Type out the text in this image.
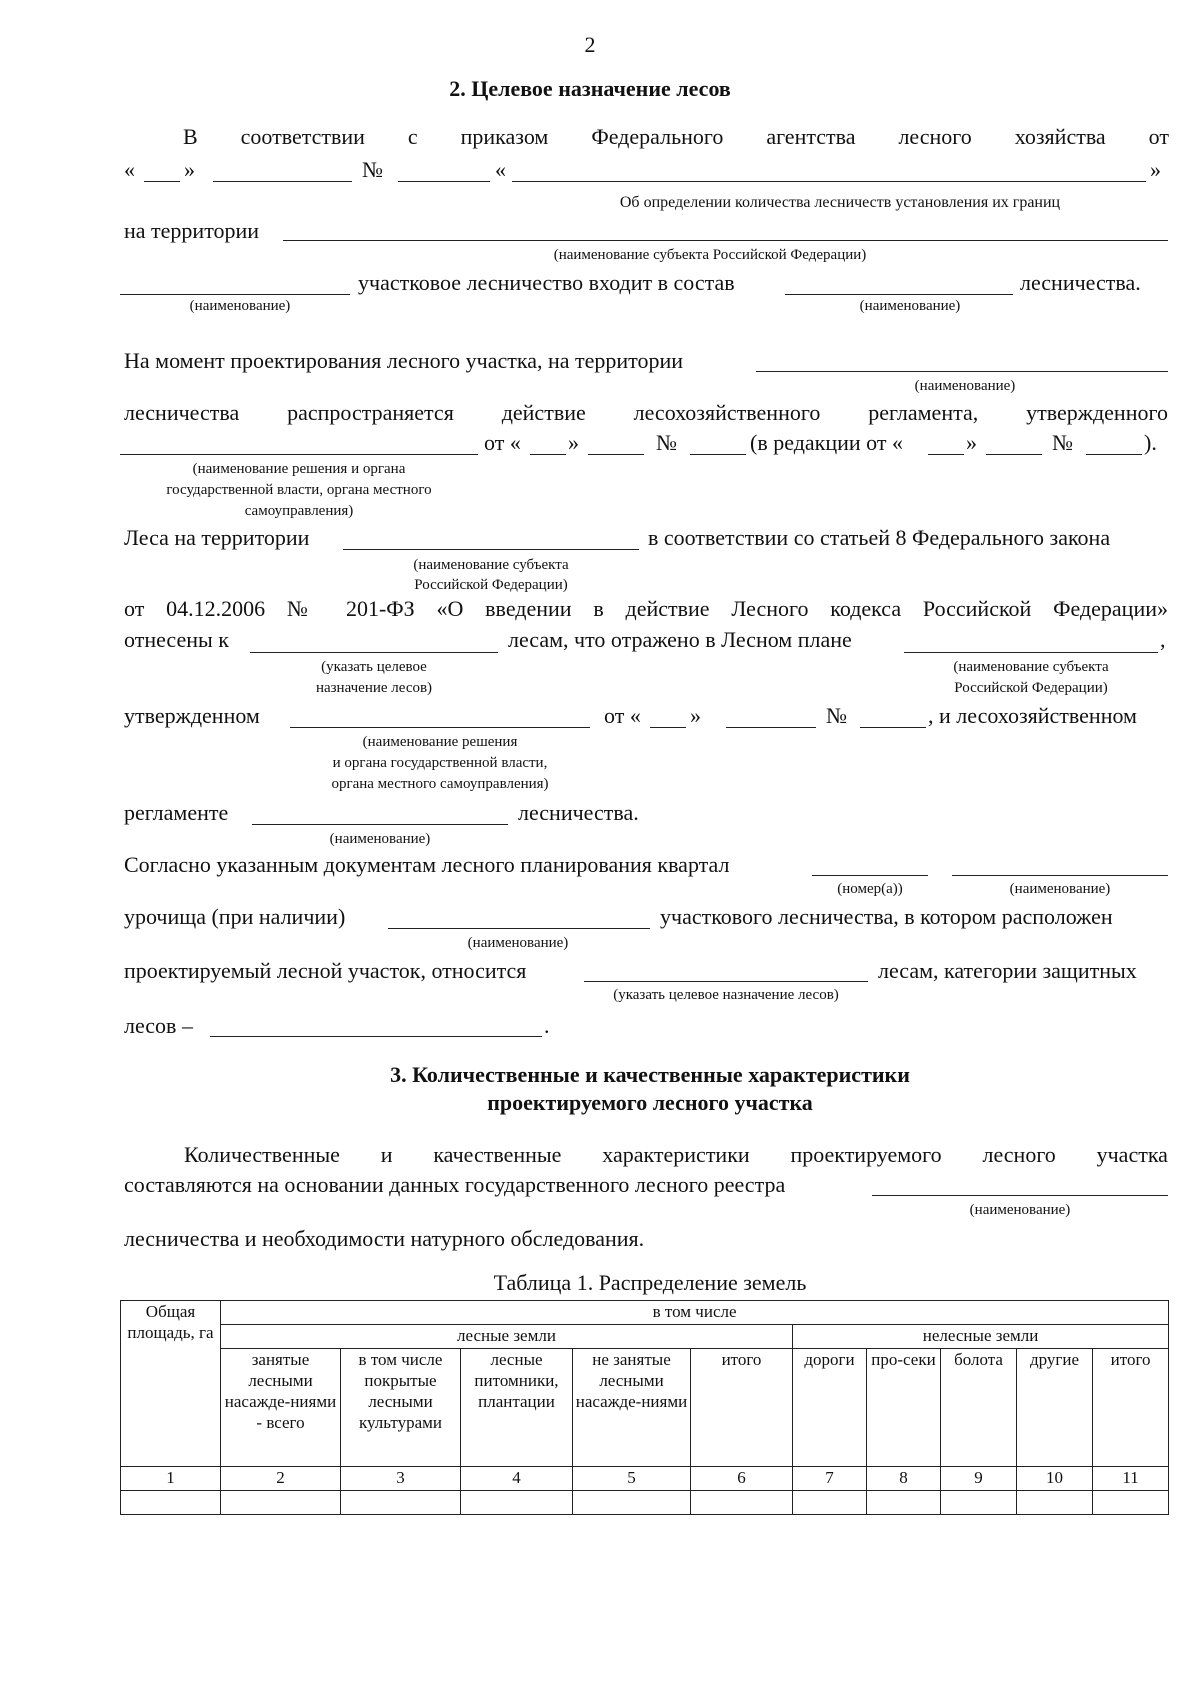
2
2. Целевое назначение лесов
В соответствии с приказом Федерального агентства лесного хозяйства от
« »	№	«	»
Об определении количества лесничеств установления их границ
на территории
(наименование субъекта Российской Федерации)
участковое лесничество входит в состав	лесничества.
(наименование)	(наименование)
На момент проектирования лесного участка, на территории
(наименование)
лесничества распространяется действие лесохозяйственного регламента, утвержденного
от « »	№	(в редакции от «	»	№	).
(наименование решения и органа
государственной власти, органа местного
самоуправления)
Леса на территории	в соответствии со статьей 8 Федерального закона
(наименование субъекта
Российской Федерации)
от 04.12.2006 № 201-ФЗ «О введении в действие Лесного кодекса Российской Федерации»
отнесены к	лесам, что отражено в Лесном плане	,
(указать целевое
назначение лесов)
(наименование субъекта
Российской Федерации)
утвержденном	от « »	№	, и лесохозяйственном
(наименование решения
и органа государственной власти,
органа местного самоуправления)
регламенте	лесничества.
(наименование)
Согласно указанным документам лесного планирования квартал
(номер(а))	(наименование)
урочища (при наличии)	участкового лесничества, в котором расположен
(наименование)
проектируемый лесной участок, относится	лесам, категории защитных
(указать целевое назначение лесов)
лесов –	.
3. Количественные и качественные характеристики
проектируемого лесного участка
Количественные и качественные характеристики проектируемого лесного участка
составляются на основании данных государственного лесного реестра
(наименование)
лесничества и необходимости натурного обследования.
Таблица 1. Распределение земель
Общая площадь, га	в том числе									
	лесные земли					нелесные земли				
	занятые лесными насажде-ниями - всего	в том числе покрытые лесными культурами	лесные питомники, плантации	не занятые лесными насажде-ниями	итого	дороги	про-секи	болота	другие	итого
1	2	3	4	5	6	7	8	9	10	11
